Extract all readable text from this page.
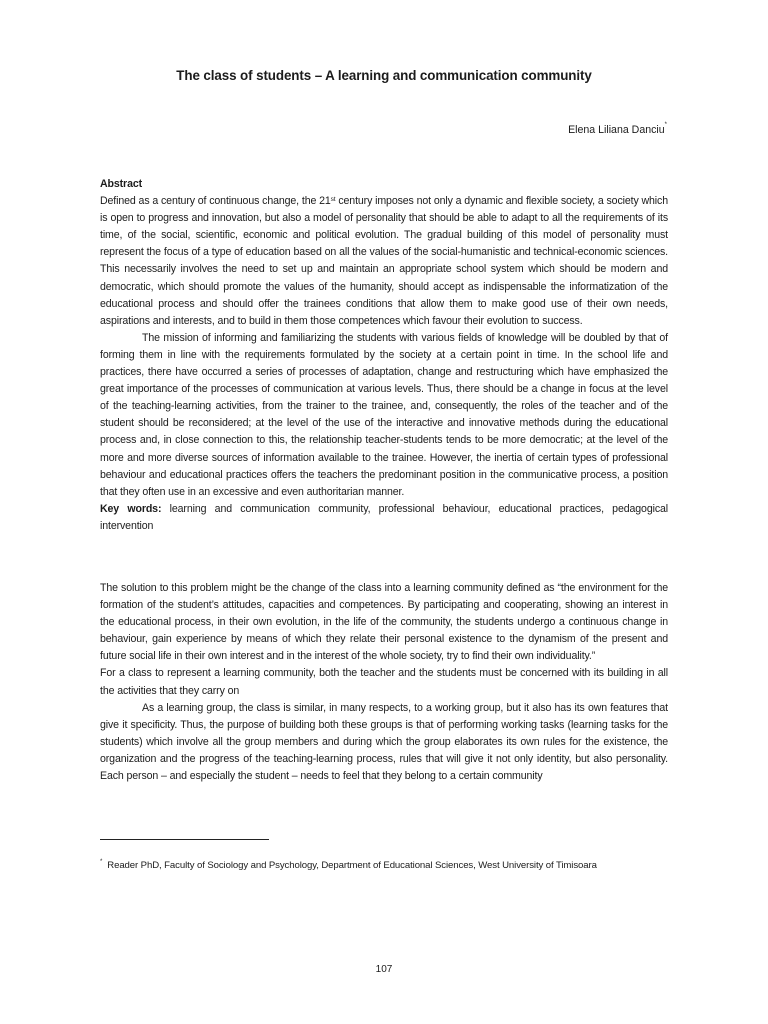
The class of students – A learning and communication community
Elena Liliana Danciu*
Abstract

Defined as a century of continuous change, the 21st century imposes not only a dynamic and flexible society, a society which is open to progress and innovation, but also a model of personality that should be able to adapt to all the requirements of its time, of the social, scientific, economic and political evolution. The gradual building of this model of personality must represent the focus of a type of education based on all the values of the social-humanistic and technical-economic sciences. This necessarily involves the need to set up and maintain an appropriate school system which should be modern and democratic, which should promote the values of the humanity, should accept as indispensable the informatization of the educational process and should offer the trainees conditions that allow them to make good use of their own needs, aspirations and interests, and to build in them those competences which favour their evolution to success.

The mission of informing and familiarizing the students with various fields of knowledge will be doubled by that of forming them in line with the requirements formulated by the society at a certain point in time. In the school life and practices, there have occurred a series of processes of adaptation, change and restructuring which have emphasized the great importance of the processes of communication at various levels. Thus, there should be a change in focus at the level of the teaching-learning activities, from the trainer to the trainee, and, consequently, the roles of the teacher and of the student should be reconsidered; at the level of the use of the interactive and innovative methods during the educational process and, in close connection to this, the relationship teacher-students tends to be more democratic; at the level of the more and more diverse sources of information available to the trainee. However, the inertia of certain types of professional behaviour and educational practices offers the teachers the predominant position in the communicative process, a position that they often use in an excessive and even authoritarian manner.

Key words: learning and communication community, professional behaviour, educational practices, pedagogical intervention

The solution to this problem might be the change of the class into a learning community defined as “the environment for the formation of the student’s attitudes, capacities and competences. By participating and cooperating, showing an interest in the educational process, in their own evolution, in the life of the community, the students undergo a continuous change in behaviour, gain experience by means of which they relate their personal existence to the dynamism of the present and future social life in their own interest and in the interest of the whole society, try to find their own individuality.”

For a class to represent a learning community, both the teacher and the students must be concerned with its building in all the activities that they carry on

As a learning group, the class is similar, in many respects, to a working group, but it also has its own features that give it specificity. Thus, the purpose of building both these groups is that of performing working tasks (learning tasks for the students) which involve all the group members and during which the group elaborates its own rules for the existence, the organization and the progress of the teaching-learning process, rules that will give it not only identity, but also personality. Each person – and especially the student – needs to feel that they belong to a certain community

* Reader PhD, Faculty of Sociology and Psychology, Department of Educational Sciences, West University of Timisoara
107
